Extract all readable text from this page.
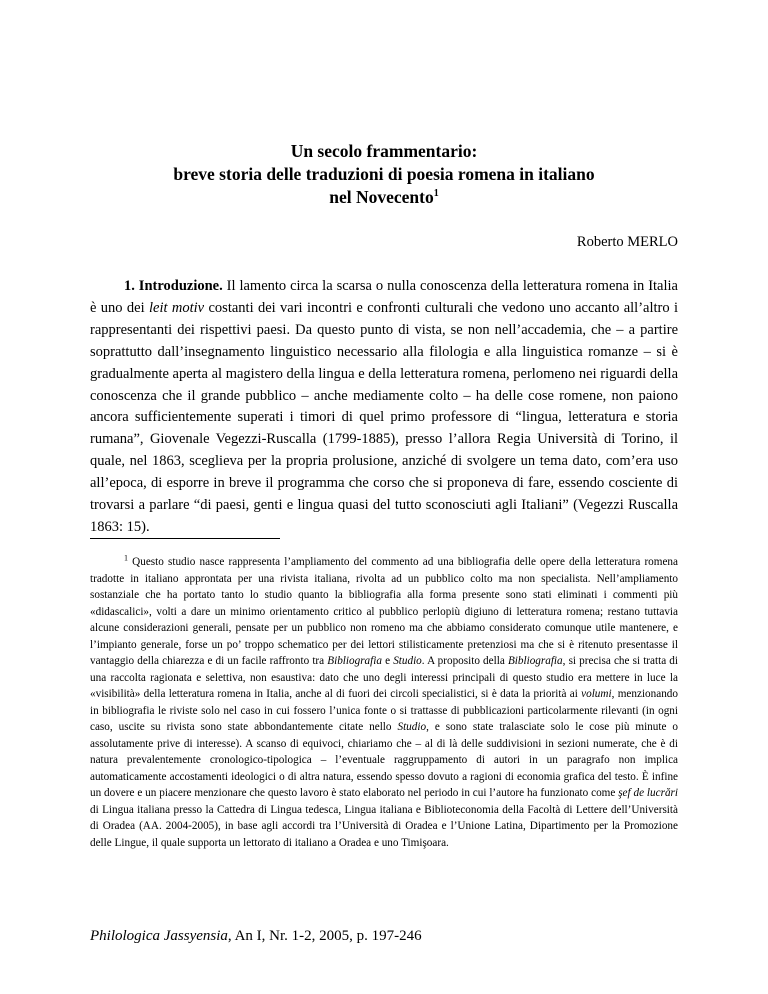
Un secolo frammentario:
breve storia delle traduzioni di poesia romena in italiano
nel Novecento$^1$
Roberto MERLO

1. Introduzione. Il lamento circa la scarsa o nulla conoscenza della letteratura romena in Italia è uno dei leit motiv costanti dei vari incontri e confronti culturali che vedono uno accanto all’altro i rappresentanti dei rispettivi paesi. Da questo punto di vista, se non nell’accademia, che – a partire soprattutto dall’insegnamento linguistico necessario alla filologia e alla linguistica romanze – si è gradualmente aperta al magistero della lingua e della letteratura romena, perlomeno nei riguardi della conoscenza che il grande pubblico – anche mediamente colto – ha delle cose romene, non paiono ancora sufficientemente superati i timori di quel primo professore di “lingua, letteratura e storia rumana”, Giovenale Vegezzi-Ruscalla (1799-1885), presso l’allora Regia Università di Torino, il quale, nel 1863, sceglieva per la propria prolusione, anziché di svolgere un tema dato, com’era uso all’epoca, di esporre in breve il programma che corso che si proponeva di fare, essendo cosciente di trovarsi a parlare “di paesi, genti e lingua quasi del tutto sconosciuti agli Italiani” (Vegezzi Ruscalla 1863: 15).

$^1$ Questo studio nasce rappresenta l’ampliamento del commento ad una bibliografia delle opere della letteratura romena tradotte in italiano approntata per una rivista italiana, rivolta ad un pubblico colto ma non specialista. Nell’ampliamento sostanziale che ha portato tanto lo studio quanto la bibliografia alla forma presente sono stati eliminati i commenti più «didascalici», volti a dare un minimo orientamento critico al pubblico perlopiù digiuno di letteratura romena; restano tuttavia alcune considerazioni generali, pensate per un pubblico non romeno ma che abbiamo considerato comunque utile mantenere, e l’impianto generale, forse un po’ troppo schematico per dei lettori stilisticamente pretenziosi ma che si è ritenuto presentasse il vantaggio della chiarezza e di un facile raffronto tra Bibliografia e Studio. A proposito della Bibliografia, si precisa che si tratta di una raccolta ragionata e selettiva, non esaustiva: dato che uno degli interessi principali di questo studio era mettere in luce la «visibilità» della letteratura romena in Italia, anche al di fuori dei circoli specialistici, si è data la priorità ai volumi, menzionando in bibliografia le riviste solo nel caso in cui fossero l’unica fonte o si trattasse di pubblicazioni particolarmente rilevanti (in ogni caso, uscite su rivista sono state abbondantemente citate nello Studio, e sono state tralasciate solo le cose più minute o assolutamente prive di interesse). A scanso di equivoci, chiariamo che – al di là delle suddivisioni in sezioni numerate, che è di natura prevalentemente cronologico-tipologica – l’eventuale raggruppamento di autori in un paragrafo non implica automaticamente accostamenti ideologici o di altra natura, essendo spesso dovuto a ragioni di economia grafica del testo. È infine un dovere e un piacere menzionare che questo lavoro è stato elaborato nel periodo in cui l’autore ha funzionato come şef de lucrări di Lingua italiana presso la Cattedra di Lingua tedesca, Lingua italiana e Biblioteconomia della Facoltà di Lettere dell’Università di Oradea (AA. 2004-2005), in base agli accordi tra l’Università di Oradea e l’Unione Latina, Dipartimento per la Promozione delle Lingue, il quale supporta un lettorato di italiano a Oradea e uno Timişoara.

Philologica Jassyensia, An I, Nr. 1-2, 2005, p. 197-246
